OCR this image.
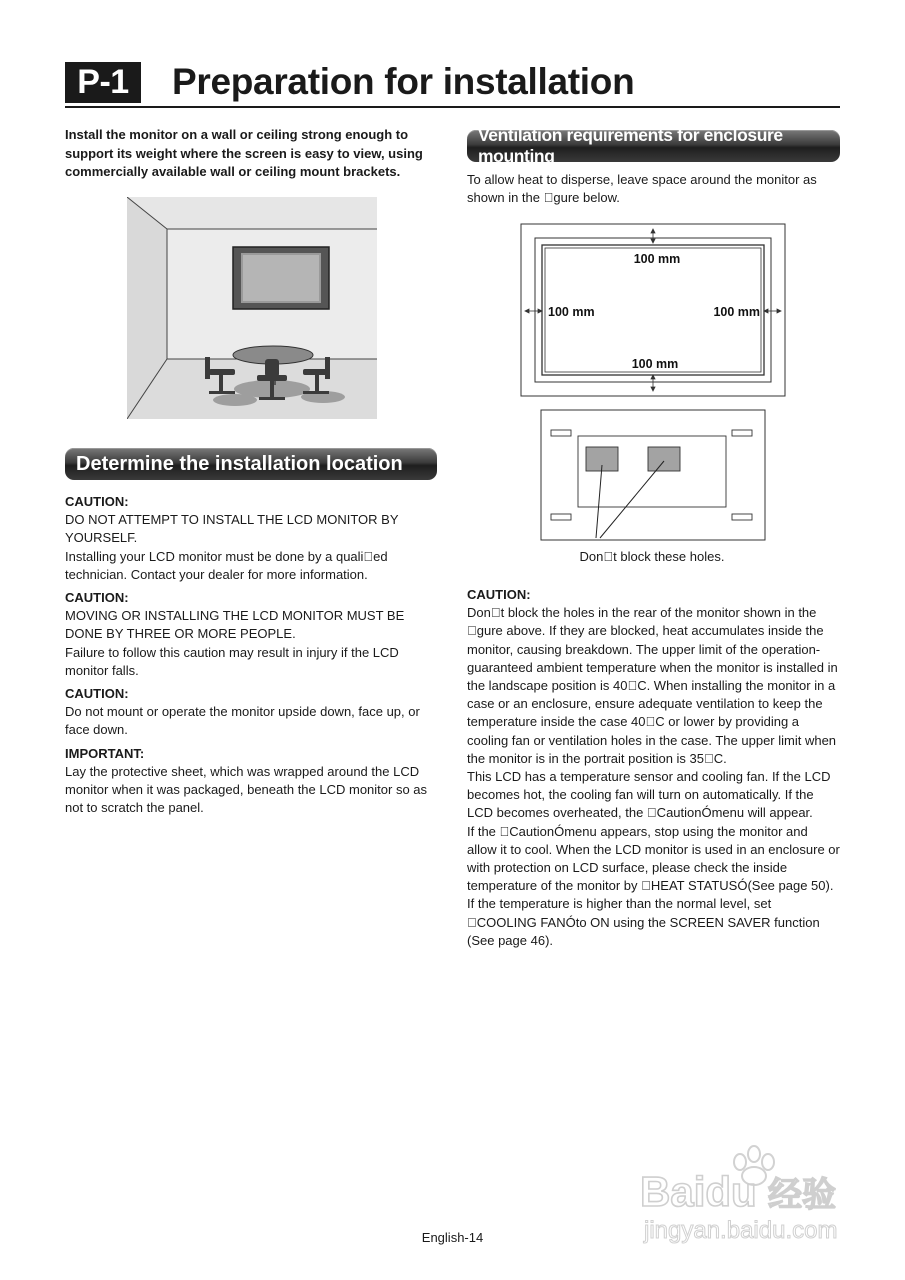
P-1	Preparation for installation
Install the monitor on a wall or ceiling strong enough to support its weight where the screen is easy to view, using commercially available wall or ceiling mount brackets.
Determine the installation location
CAUTION:

DO NOT ATTEMPT TO INSTALL THE LCD MONITOR BY YOURSELF.

Installing your LCD monitor must be done by a quali ed technician. Contact your dealer for more information.

CAUTION:

MOVING OR INSTALLING THE LCD MONITOR MUST BE DONE BY THREE OR MORE PEOPLE.

Failure to follow this caution may result in injury if the LCD monitor falls.

CAUTION:

Do not mount or operate the monitor upside down, face up, or face down.

IMPORTANT:

Lay the protective sheet, which was wrapped around the LCD monitor when it was packaged, beneath the LCD monitor so as not to scratch the panel.

Ventilation requirements for enclosure mounting
To allow heat to disperse, leave space around the monitor as shown in the  gure below.
100 mm
100 mm	100 mm
100 mm
Don t block these holes.
CAUTION:

Don t block the holes in the rear of the monitor shown in the  gure above. If they are blocked, heat accumulates inside the monitor, causing breakdown. The upper limit of the operation-guaranteed ambient temperature when the monitor is installed in the landscape position is 40 C. When installing the monitor in a case or an enclosure, ensure adequate ventilation to keep the temperature inside the case 40 C or lower by providing a cooling fan or ventilation holes in the case. The upper limit when the monitor is in the portrait position is 35 C.

This LCD has a temperature sensor and cooling fan. If the LCD becomes hot, the cooling fan will turn on automatically. If the LCD becomes overheated, the  CautionÓmenu will appear.

If the  CautionÓmenu appears, stop using the monitor and allow it to cool. When the LCD monitor is used in an enclosure or with protection on LCD surface, please check the inside temperature of the monitor by  HEAT STATUSÓ(See page 50). If the temperature is higher than the normal level, set  COOLING FANÓto ON using the SCREEN SAVER function (See page 46).

Baidu 经验
jingyan.baidu.com
English-14
